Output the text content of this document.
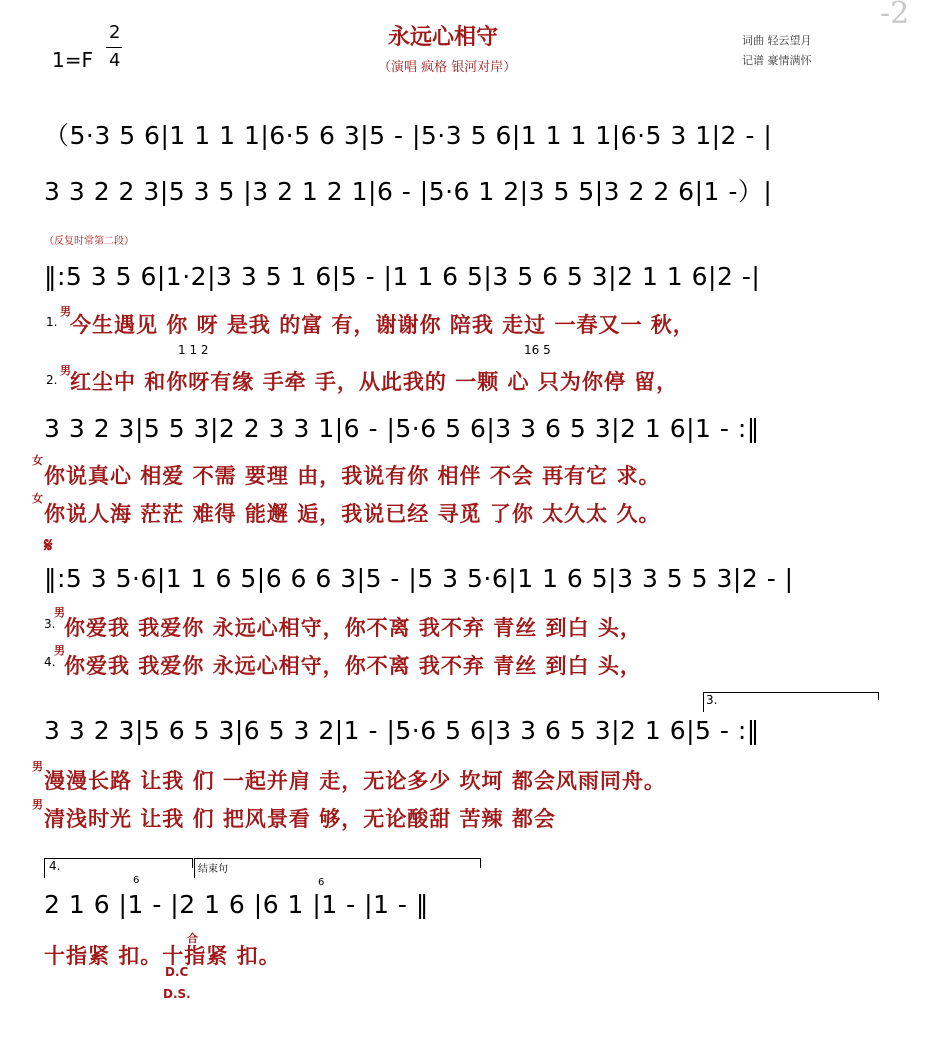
1=F
2
4
永远心相守
（演唱 疯格 银河对岸）
词曲 轻云望月
记谱 豪情满怀
-2
（5·3 5 6|1 1 1 1|6·5 6 3|5 - |5·3 5 6|1 1 1 1|6·5 3 1|2 - |
3 3 2 2 3|5 3 5 |3 2 1 2 1|6 - |5·6 1 2|3 5 5|3 2 2 6|1 -）|
（反复时常第二段）
‖:5 3 5 6|1·2|3 3 5 1 6|5 - |1 1 6 5|3 5 6 5 3|2 1 1 6|2 -|
1.
男
今生遇见 你 呀 是我 的富 有，谢谢你 陪我 走过 一春又一 秋，
1 1 2	16 5
2.
男 红尘中 和你呀有缘 手牵 手，从此我的 一颗 心 只为你停 留，
3 3 2 3|5 5 3|2 2 3 3 1|6 - |5·6 5 6|3 3 6 5 3|2 1 6|1 - :‖
女
你说真心 相爱 不需 要理 由，我说有你 相伴 不会 再有它 求。
女
你说人海 茫茫 难得 能邂 逅，我说已经 寻觅 了你 太久太 久。
𝄋
‖:5 3 5·6|1 1 6 5|6 6 6 3|5 - |5 3 5·6|1 1 6 5|3 3 5 5 3|2 - |
3.
男
你爱我 我爱你 永远心相守，你不离 我不弃 青丝 到白 头，
4.
男
你爱我 我爱你 永远心相守，你不离 我不弃 青丝 到白 头，
3.
3 3 2 3|5 6 5 3|6 5 3 2|1 - |5·6 5 6|3 3 6 5 3|2 1 6|5 - :‖
男
漫漫长路 让我 们 一起并肩 走，无论多少 坎坷 都会风雨同舟。
男
清浅时光 让我 们 把风景看 够，无论酸甜 苦辣 都会
4.	结束句
6	6
2 1 6 |1 - |2 1 6 |6 1 |1 - |1 - ‖
十指紧 扣。十指紧 扣。
合
D.C
D.S.
